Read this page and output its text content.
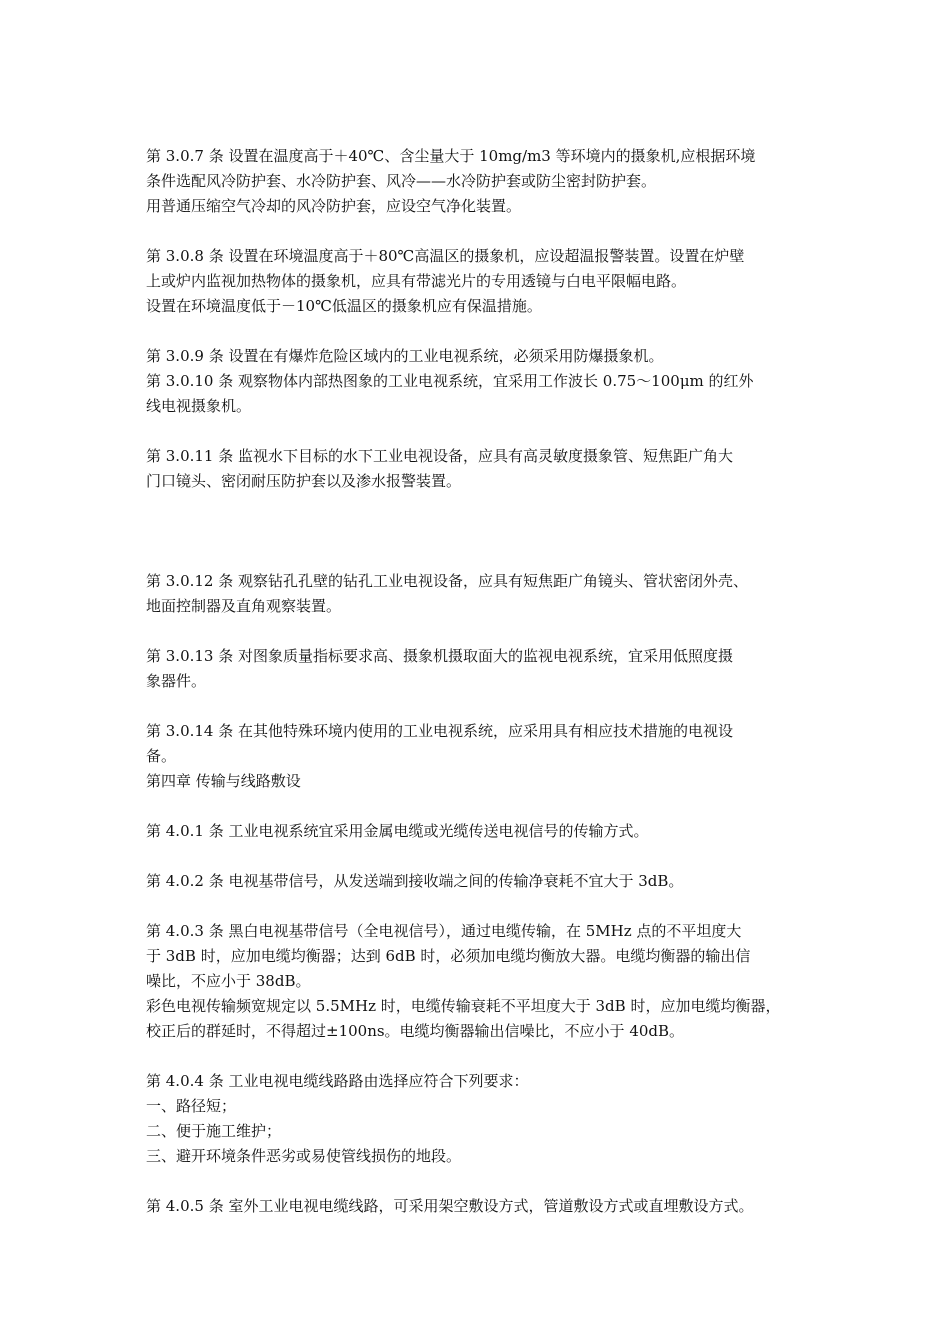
第 3.0.7 条 设置在温度高于＋40℃、含尘量大于 10mg/m3 等环境内的摄象机,应根据环境
条件选配风冷防护套、水冷防护套、风冷——水冷防护套或防尘密封防护套。
用普通压缩空气冷却的风冷防护套，应设空气净化装置。
第 3.0.8 条 设置在环境温度高于＋80℃高温区的摄象机，应设超温报警装置。设置在炉壁
上或炉内监视加热物体的摄象机，应具有带滤光片的专用透镜与白电平限幅电路。
设置在环境温度低于－10℃低温区的摄象机应有保温措施。
第 3.0.9 条 设置在有爆炸危险区域内的工业电视系统，必须采用防爆摄象机。
第 3.0.10 条 观察物体内部热图象的工业电视系统，宜采用工作波长 0.75～100μm 的红外
线电视摄象机。
第 3.0.11 条 监视水下目标的水下工业电视设备，应具有高灵敏度摄象管、短焦距广角大
门口镜头、密闭耐压防护套以及渗水报警装置。
第 3.0.12 条 观察钻孔孔壁的钻孔工业电视设备，应具有短焦距广角镜头、管状密闭外壳、
地面控制器及直角观察装置。
第 3.0.13 条 对图象质量指标要求高、摄象机摄取面大的监视电视系统，宜采用低照度摄
象器件。
第 3.0.14 条 在其他特殊环境内使用的工业电视系统，应采用具有相应技术措施的电视设
备。
第四章 传输与线路敷设
第 4.0.1 条 工业电视系统宜采用金属电缆或光缆传送电视信号的传输方式。
第 4.0.2 条 电视基带信号，从发送端到接收端之间的传输净衰耗不宜大于 3dB。
第 4.0.3 条 黑白电视基带信号（全电视信号），通过电缆传输，在 5MHz 点的不平坦度大
于 3dB 时，应加电缆均衡器；达到 6dB 时，必须加电缆均衡放大器。电缆均衡器的输出信
噪比，不应小于 38dB。
彩色电视传输频宽规定以 5.5MHz 时，电缆传输衰耗不平坦度大于 3dB 时，应加电缆均衡器，
校正后的群延时，不得超过±100ns。电缆均衡器输出信噪比，不应小于 40dB。
第 4.0.4 条 工业电视电缆线路路由选择应符合下列要求：
一、路径短；
二、便于施工维护；
三、避开环境条件恶劣或易使管线损伤的地段。
第 4.0.5 条 室外工业电视电缆线路，可采用架空敷设方式，管道敷设方式或直埋敷设方式。
